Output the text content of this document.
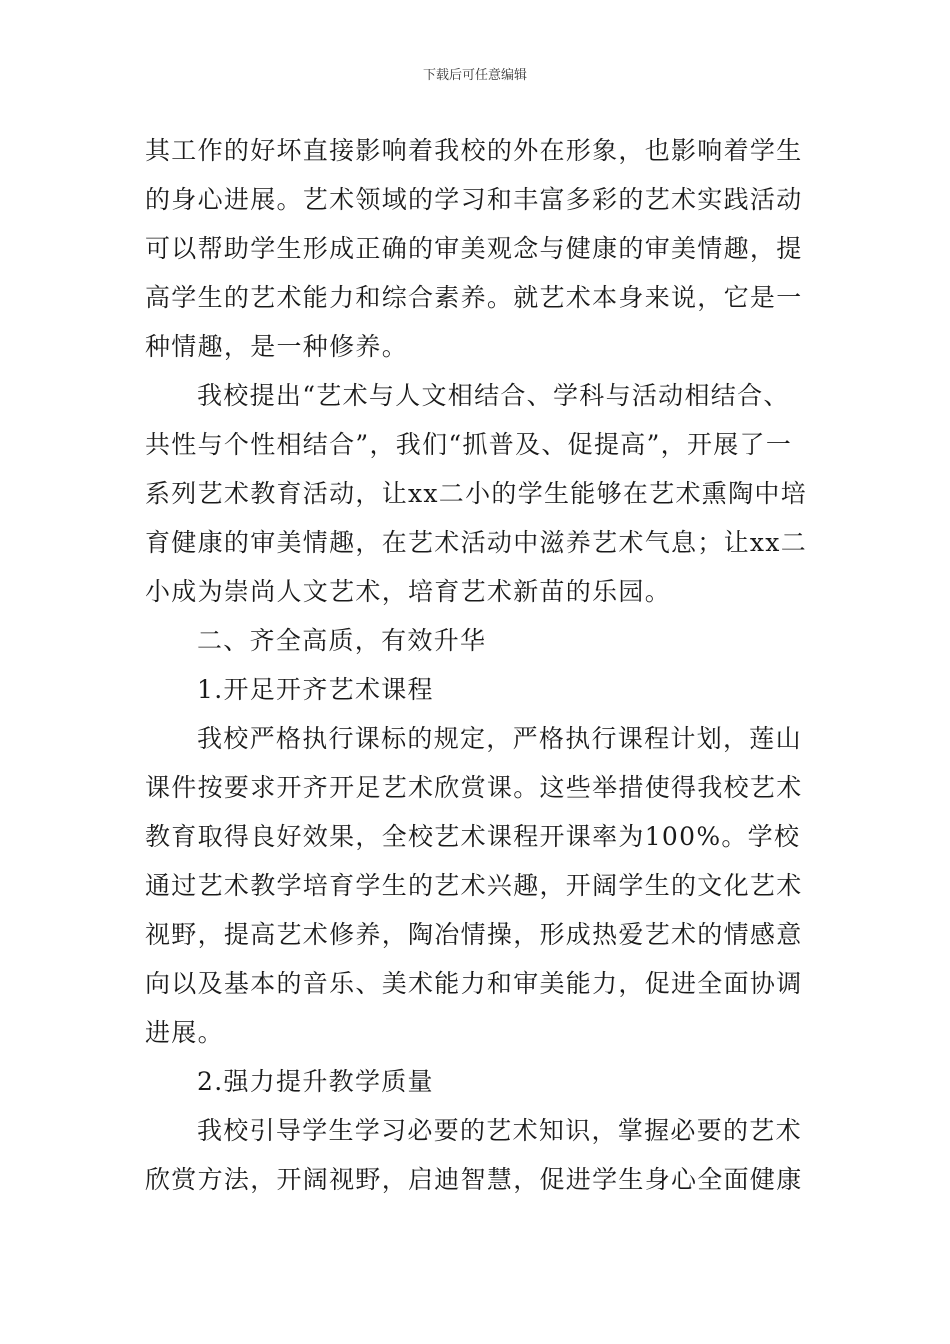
下载后可任意编辑

其工作的好坏直接影响着我校的外在形象，也影响着学生的身心进展。艺术领域的学习和丰富多彩的艺术实践活动可以帮助学生形成正确的审美观念与健康的审美情趣，提高学生的艺术能力和综合素养。就艺术本身来说，它是一种情趣，是一种修养。

我校提出“艺术与人文相结合、学科与活动相结合、共性与个性相结合”，我们“抓普及、促提高”，开展了一系列艺术教育活动，让xx二小的学生能够在艺术熏陶中培育健康的审美情趣，在艺术活动中滋养艺术气息；让xx二小成为崇尚人文艺术，培育艺术新苗的乐园。

二、齐全高质，有效升华

1.开足开齐艺术课程

我校严格执行课标的规定，严格执行课程计划，莲山课件按要求开齐开足艺术欣赏课。这些举措使得我校艺术教育取得良好效果，全校艺术课程开课率为100%。学校通过艺术教学培育学生的艺术兴趣，开阔学生的文化艺术视野，提高艺术修养，陶冶情操，形成热爱艺术的情感意向以及基本的音乐、美术能力和审美能力，促进全面协调进展。

2.强力提升教学质量

我校引导学生学习必要的艺术知识，掌握必要的艺术欣赏方法，开阔视野，启迪智慧，促进学生身心全面健康
